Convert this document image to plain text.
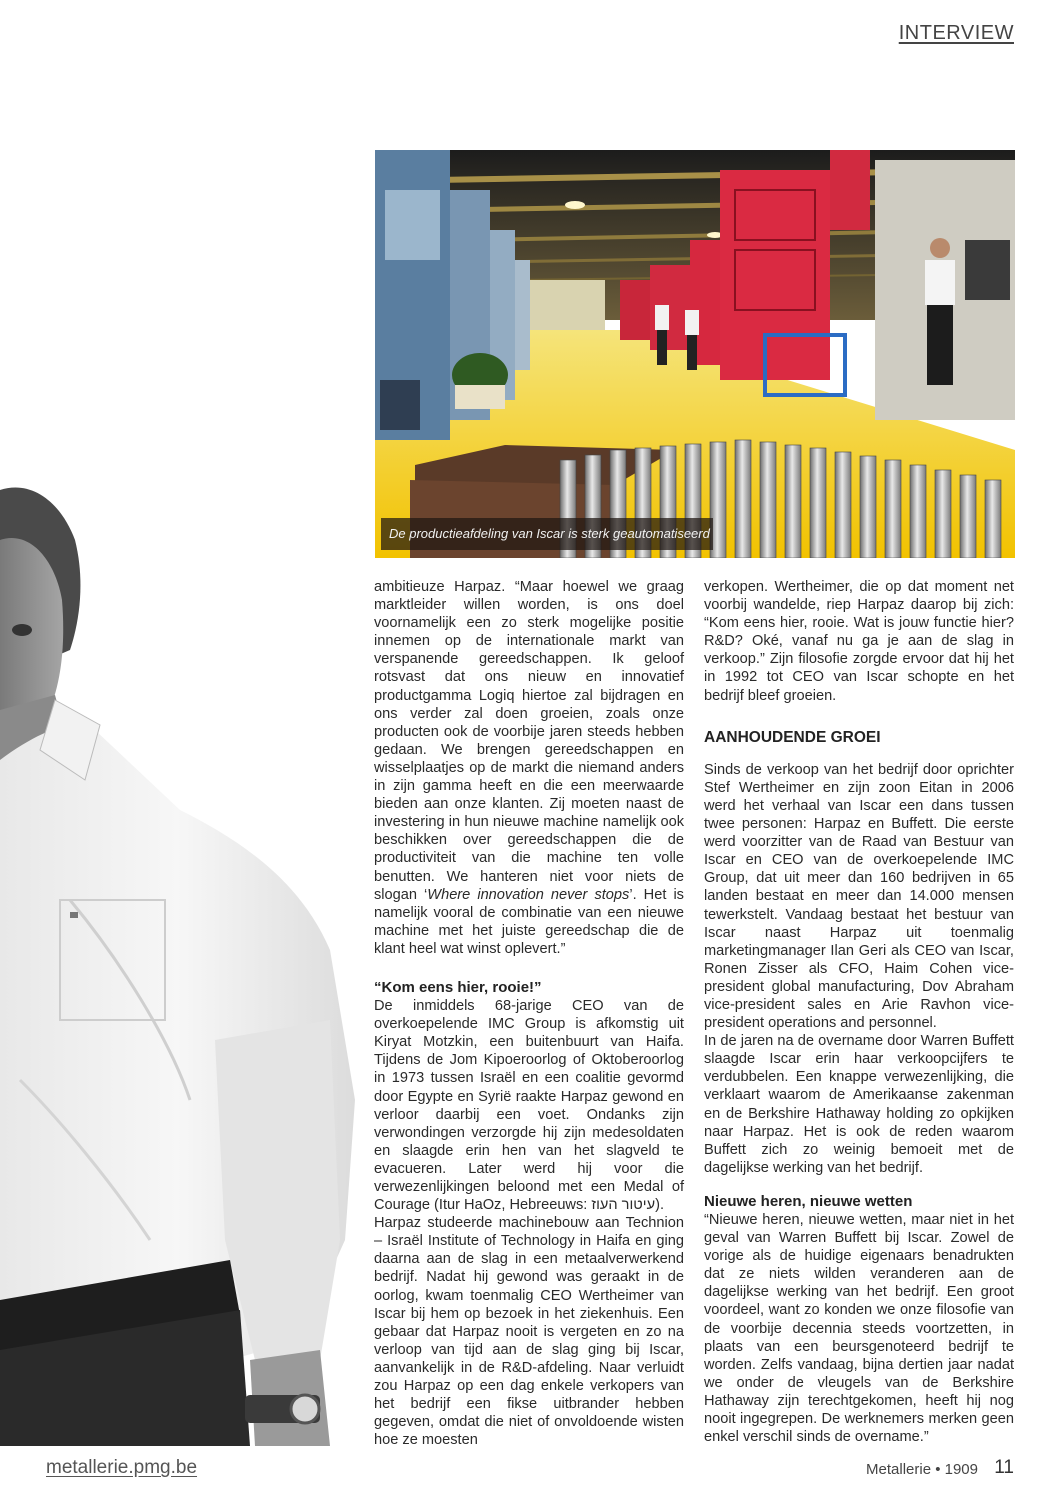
INTERVIEW
De productieafdeling van Iscar is sterk geautomatiseerd

ambitieuze Harpaz. “Maar hoewel we graag marktleider willen worden, is ons doel voornamelijk een zo sterk mogelijke positie innemen op de internationale markt van verspanende gereedschappen. Ik geloof rotsvast dat ons nieuw en innovatief productgamma Logiq hiertoe zal bijdragen en ons verder zal doen groeien, zoals onze producten ook de voorbije jaren steeds hebben gedaan. We brengen gereedschappen en wisselplaatjes op de markt die niemand anders in zijn gamma heeft en die een meerwaarde bieden aan onze klanten. Zij moeten naast de investering in hun nieuwe machine namelijk ook beschikken over gereedschappen die de productiviteit van die machine ten volle benutten. We hanteren niet voor niets de slogan ‘Where innovation never stops’. Het is namelijk vooral de combinatie van een nieuwe machine met het juiste gereedschap die de klant heel wat winst oplevert.”

“Kom eens hier, rooie!”

De inmiddels 68-jarige CEO van de overkoepelende IMC Group is afkomstig uit Kiryat Motzkin, een buitenbuurt van Haifa. Tijdens de Jom Kipoeroorlog of Oktoberoorlog in 1973 tussen Israël en een coalitie gevormd door Egypte en Syrië raakte Harpaz gewond en verloor daarbij een voet. Ondanks zijn verwondingen verzorgde hij zijn medesoldaten en slaagde erin hen van het slagveld te evacueren. Later werd hij voor die verwezenlijkingen beloond met een Medal of Courage (Itur HaOz, Hebreeuws: עיטור העוז).

Harpaz studeerde machinebouw aan Technion – Israël Institute of Technology in Haifa en ging daarna aan de slag in een metaalverwerkend bedrijf. Nadat hij gewond was geraakt in de oorlog, kwam toenmalig CEO Wertheimer van Iscar bij hem op bezoek in het ziekenhuis. Een gebaar dat Harpaz nooit is vergeten en zo na verloop van tijd aan de slag ging bij Iscar, aanvankelijk in de R&D-afdeling. Naar verluidt zou Harpaz op een dag enkele verkopers van het bedrijf een fikse uitbrander hebben gegeven, omdat die niet of onvoldoende wisten hoe ze moesten

verkopen. Wertheimer, die op dat moment net voorbij wandelde, riep Harpaz daarop bij zich: “Kom eens hier, rooie. Wat is jouw functie hier? R&D? Oké, vanaf nu ga je aan de slag in verkoop.” Zijn filosofie zorgde ervoor dat hij het in 1992 tot CEO van Iscar schopte en het bedrijf bleef groeien.

AANHOUDENDE GROEI

Sinds de verkoop van het bedrijf door oprichter Stef Wertheimer en zijn zoon Eitan in 2006 werd het verhaal van Iscar een dans tussen twee personen: Harpaz en Buffett. Die eerste werd voorzitter van de Raad van Bestuur van Iscar en CEO van de overkoepelende IMC Group, dat uit meer dan 160 bedrijven in 65 landen bestaat en meer dan 14.000 mensen tewerkstelt. Vandaag bestaat het bestuur van Iscar naast Harpaz uit toenmalig marketingmanager Ilan Geri als CEO van Iscar, Ronen Zisser als CFO, Haim Cohen vice-president global manufacturing, Dov Abraham vice-president sales en Arie Ravhon vice-president operations and personnel.

In de jaren na de overname door Warren Buffett slaagde Iscar erin haar verkoopcijfers te verdubbelen. Een knappe verwezenlijking, die verklaart waarom de Amerikaanse zakenman en de Berkshire Hathaway holding zo opkijken naar Harpaz. Het is ook de reden waarom Buffett zich zo weinig bemoeit met de dagelijkse werking van het bedrijf.

Nieuwe heren, nieuwe wetten

“Nieuwe heren, nieuwe wetten, maar niet in het geval van Warren Buffett bij Iscar. Zowel de vorige als de huidige eigenaars benadrukten dat ze niets wilden veranderen aan de dagelijkse werking van het bedrijf. Een groot voordeel, want zo konden we onze filosofie van de voorbije decennia steeds voortzetten, in plaats van een beursgenoteerd bedrijf te worden. Zelfs vandaag, bijna dertien jaar nadat we onder de vleugels van de Berkshire Hathaway zijn terechtgekomen, heeft hij nog nooit ingegrepen. De werknemers merken geen enkel verschil sinds de overname.”

metallerie.pmg.be	Metallerie • 1909 11
